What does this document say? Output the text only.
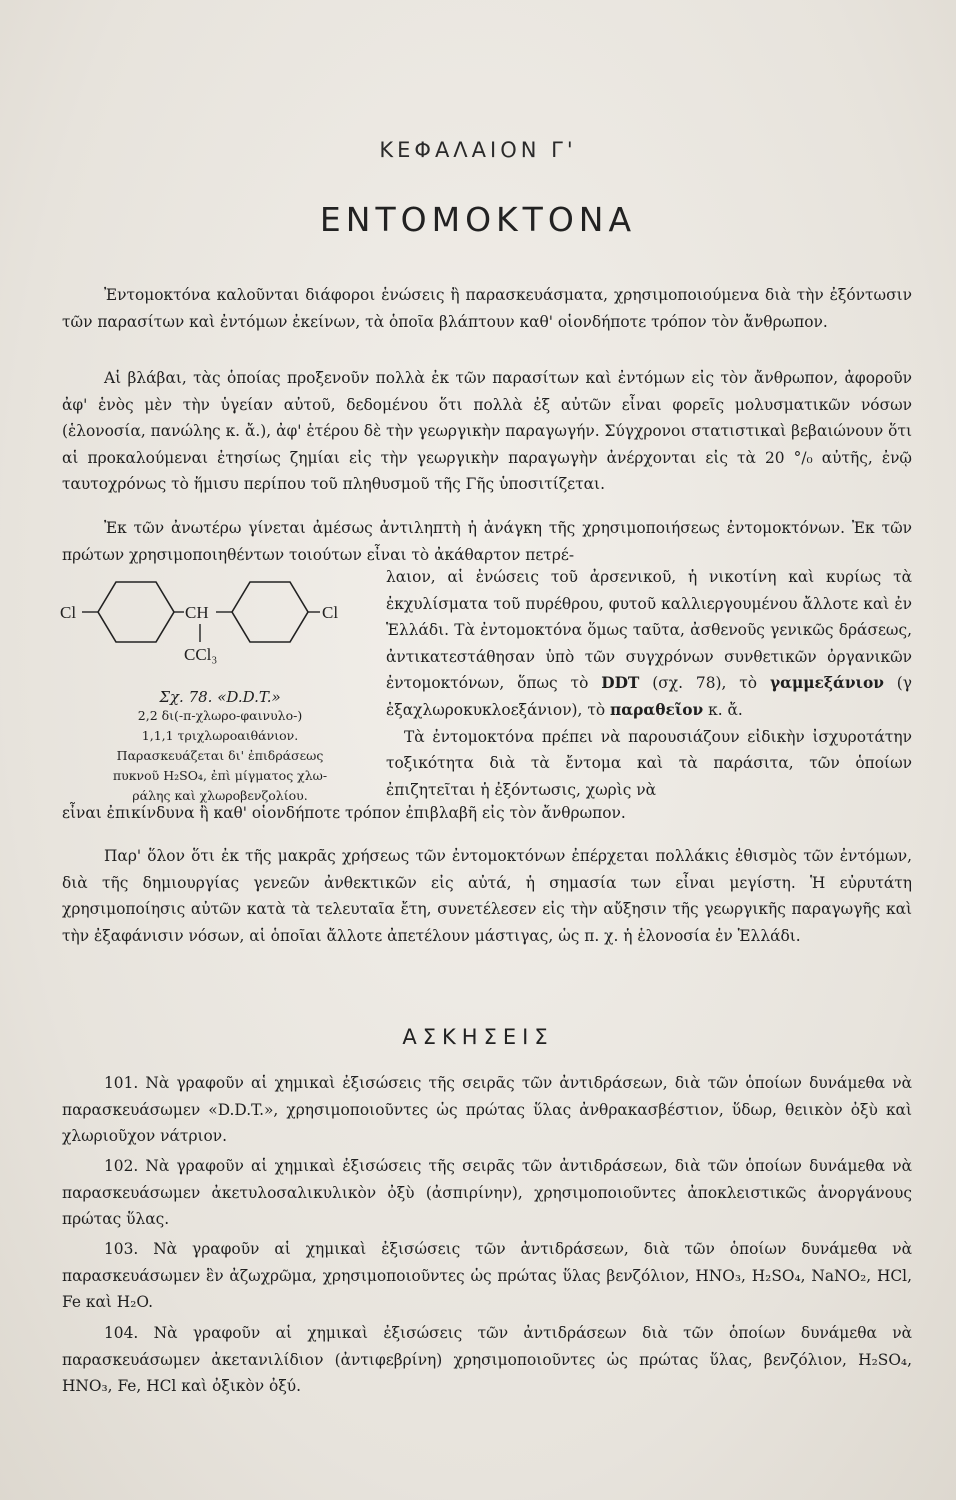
ΚΕΦΑΛΑΙΟΝ Γ'
ΕΝΤΟΜΟΚΤΟΝΑ

Ἐντομοκτόνα καλοῦνται διάφοροι ἑνώσεις ἢ παρασκευάσματα, χρησιμοποιούμενα διὰ τὴν ἐξόντωσιν τῶν παρασίτων καὶ ἐντόμων ἐκείνων, τὰ ὁποῖα βλάπτουν καθ' οἱονδήποτε τρόπον τὸν ἄνθρωπον.

Αἱ βλάβαι, τὰς ὁποίας προξενοῦν πολλὰ ἐκ τῶν παρασίτων καὶ ἐντόμων εἰς τὸν ἄνθρωπον, ἀφοροῦν ἀφ' ἑνὸς μὲν τὴν ὑγείαν αὐτοῦ, δεδομένου ὅτι πολλὰ ἐξ αὐτῶν εἶναι φορεῖς μολυσματικῶν νόσων (ἑλονοσία, πανώλης κ. ἄ.), ἀφ' ἑτέρου δὲ τὴν γεωργικὴν παραγωγήν. Σύγχρονοι στατιστικαὶ βεβαιώνουν ὅτι αἱ προκαλούμεναι ἐτησίως ζημίαι εἰς τὴν γεωργικὴν παραγωγὴν ἀνέρχονται εἰς τὰ 20 °/₀ αὐτῆς, ἐνῷ ταυτοχρόνως τὸ ἥμισυ περίπου τοῦ πληθυσμοῦ τῆς Γῆς ὑποσιτίζεται.

Ἐκ τῶν ἀνωτέρω γίνεται ἀμέσως ἀντιληπτὴ ἡ ἀνάγκη τῆς χρησιμοποιήσεως ἐντομοκτόνων. Ἐκ τῶν πρώτων χρησιμοποιηθέντων τοιούτων εἶναι τὸ ἀκάθαρτον πετρέ-

Cl	CH	Cl
CCl₃
Σχ. 78. «D.D.T.»
2,2 δι(-π-χλωρο-φαινυλο-)
1,1,1 τριχλωροαιθάνιον.
Παρασκευάζεται δι' ἐπιδράσεως
πυκνοῦ H₂SO₄, ἐπὶ μίγματος χλω-
ράλης καὶ χλωροβενζολίου.

λαιον, αἱ ἑνώσεις τοῦ ἀρσενικοῦ, ἡ νικοτίνη καὶ κυρίως τὰ ἐκχυλίσματα τοῦ πυρέθρου, φυτοῦ καλλιεργουμένου ἄλλοτε καὶ ἐν Ἑλλάδι. Τὰ ἐντομοκτόνα ὅμως ταῦτα, ἀσθενοῦς γενικῶς δράσεως, ἀντικατεστάθησαν ὑπὸ τῶν συγχρόνων συνθετικῶν ὀργανικῶν ἐντομοκτόνων, ὅπως τὸ DDT (σχ. 78), τὸ γαμμεξάνιον (γ ἑξαχλωροκυκλοεξάνιον), τὸ παραθεῖον κ. ἄ.

Τὰ ἐντομοκτόνα πρέπει νὰ παρουσιάζουν εἰδικὴν ἰσχυροτάτην τοξικότητα διὰ τὰ ἔντομα καὶ τὰ παράσιτα, τῶν ὁποίων ἐπιζητεῖται ἡ ἐξόντωσις, χωρὶς νὰ

εἶναι ἐπικίνδυνα ἢ καθ' οἱονδήποτε τρόπον ἐπιβλαβῆ εἰς τὸν ἄνθρωπον.

Παρ' ὅλον ὅτι ἐκ τῆς μακρᾶς χρήσεως τῶν ἐντομοκτόνων ἐπέρχεται πολλάκις ἐθισμὸς τῶν ἐντόμων, διὰ τῆς δημιουργίας γενεῶν ἀνθεκτικῶν εἰς αὐτά, ἡ σημασία των εἶναι μεγίστη. Ἡ εὐρυτάτη χρησιμοποίησις αὐτῶν κατὰ τὰ τελευταῖα ἔτη, συνετέλεσεν εἰς τὴν αὔξησιν τῆς γεωργικῆς παραγωγῆς καὶ τὴν ἐξαφάνισιν νόσων, αἱ ὁποῖαι ἄλλοτε ἀπετέλουν μάστιγας, ὡς π. χ. ἡ ἑλονοσία ἐν Ἑλλάδι.

ΑΣΚΗΣΕΙΣ

101. Νὰ γραφοῦν αἱ χημικαὶ ἐξισώσεις τῆς σειρᾶς τῶν ἀντιδράσεων, διὰ τῶν ὁποίων δυνάμεθα νὰ παρασκευάσωμεν «D.D.T.», χρησιμοποιοῦντες ὡς πρώτας ὕλας ἀνθρακασβέστιον, ὕδωρ, θειικὸν ὀξὺ καὶ χλωριοῦχον νάτριον.

102. Νὰ γραφοῦν αἱ χημικαὶ ἐξισώσεις τῆς σειρᾶς τῶν ἀντιδράσεων, διὰ τῶν ὁποίων δυνάμεθα νὰ παρασκευάσωμεν ἀκετυλοσαλικυλικὸν ὀξὺ (ἀσπιρίνην), χρησιμοποιοῦντες ἀποκλειστικῶς ἀνοργάνους πρώτας ὕλας.

103. Νὰ γραφοῦν αἱ χημικαὶ ἐξισώσεις τῶν ἀντιδράσεων, διὰ τῶν ὁποίων δυνάμεθα νὰ παρασκευάσωμεν ἓν ἀζωχρῶμα, χρησιμοποιοῦντες ὡς πρώτας ὕλας βενζόλιον, HNO₃, H₂SO₄, NaNO₂, HCl, Fe καὶ H₂O.

104. Νὰ γραφοῦν αἱ χημικαὶ ἐξισώσεις τῶν ἀντιδράσεων διὰ τῶν ὁποίων δυνάμεθα νὰ παρασκευάσωμεν ἀκετανιλίδιον (ἀντιφεβρίνη) χρησιμοποιοῦντες ὡς πρώτας ὕλας, βενζόλιον, H₂SO₄, HNO₃, Fe, HCl καὶ ὀξικὸν ὀξύ.
